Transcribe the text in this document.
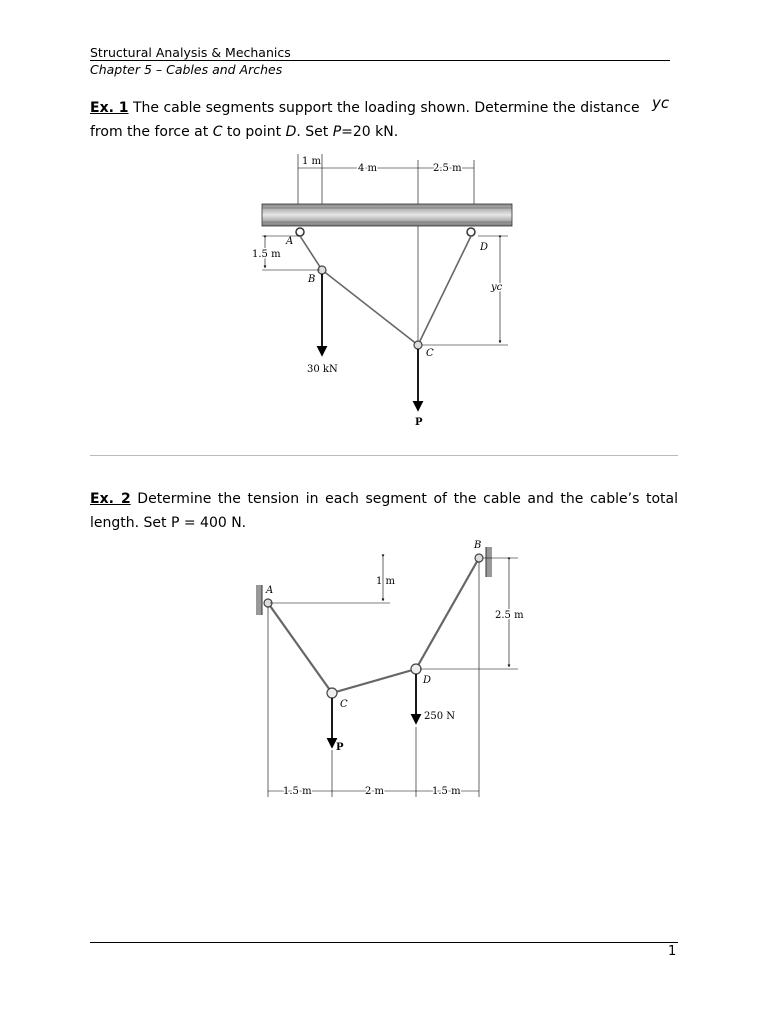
Structural Analysis & Mechanics
Chapter 5 – Cables and Arches
Ex. 1 The cable segments support the loading shown. Determine the distance
from the force at C to point D. Set P=20 kN.
yc
1 m
4 m	2.5 m
A
B
C
D
1.5 m
yc
30 kN
P
Ex. 2 Determine the tension in each segment of the cable and the cable’s total length. Set P = 400 N.
A
B
C
D
1 m
2.5 m
P
250 N
1.5 m	2 m	1.5 m
1
